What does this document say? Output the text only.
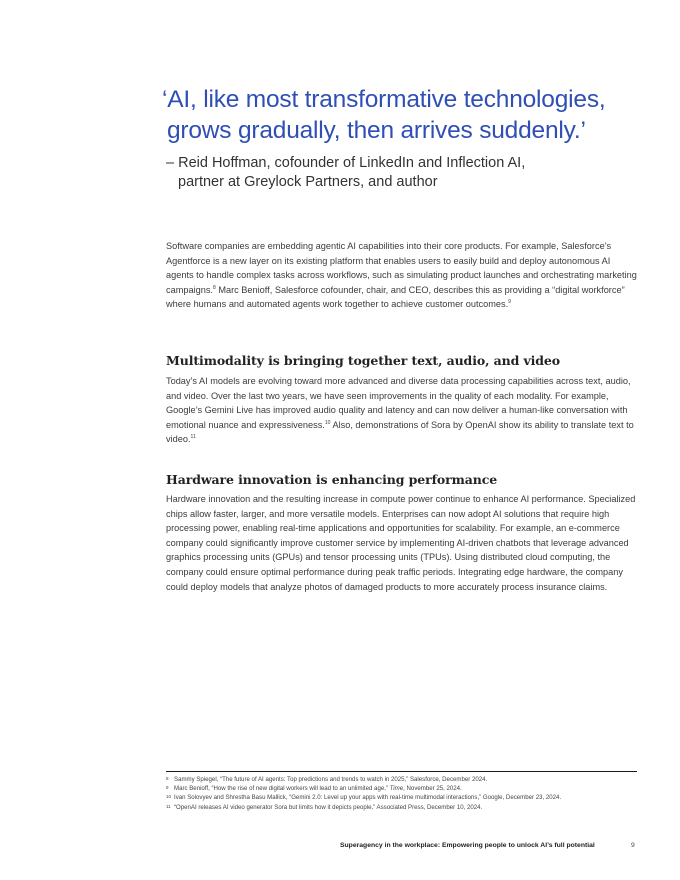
‘AI, like most transformative technologies,
grows gradually, then arrives suddenly.’
– Reid Hoffman, cofounder of LinkedIn and Inflection AI,
partner at Greylock Partners, and author

Software companies are embedding agentic AI capabilities into their core products. For example, Salesforce’s Agentforce is a new layer on its existing platform that enables users to easily build and deploy autonomous AI agents to handle complex tasks across workflows, such as simulating product launches and orchestrating marketing campaigns.$^8$ Marc Benioff, Salesforce cofounder, chair, and CEO, describes this as providing a “digital workforce” where humans and automated agents work together to achieve customer outcomes.$^9$

Multimodality is bringing together text, audio, and video

Today’s AI models are evolving toward more advanced and diverse data processing capabilities across text, audio, and video. Over the last two years, we have seen improvements in the quality of each modality. For example, Google’s Gemini Live has improved audio quality and latency and can now deliver a human-like conversation with emotional nuance and expressiveness.$^{10}$ Also, demonstrations of Sora by OpenAI show its ability to translate text to video.$^{11}$

Hardware innovation is enhancing performance

Hardware innovation and the resulting increase in compute power continue to enhance AI performance. Specialized chips allow faster, larger, and more versatile models. Enterprises can now adopt AI solutions that require high processing power, enabling real-time applications and opportunities for scalability. For example, an e-commerce company could significantly improve customer service by implementing AI-driven chatbots that leverage advanced graphics processing units (GPUs) and tensor processing units (TPUs). Using distributed cloud computing, the company could ensure optimal performance during peak traffic periods. Integrating edge hardware, the company could deploy models that analyze photos of damaged products to more accurately process insurance claims.

8 Sammy Spiegel, “The future of AI agents: Top predictions and trends to watch in 2025,” Salesforce, December 2024.
9 Marc Benioff, “How the rise of new digital workers will lead to an unlimited age,” Time, November 25, 2024.
10 Ivan Solovyev and Shrestha Basu Mallick, “Gemini 2.0: Level up your apps with real-time multimodal interactions,” Google, December 23, 2024.
11 “OpenAI releases AI video generator Sora but limits how it depicts people,” Associated Press, December 10, 2024.
Superagency in the workplace: Empowering people to unlock AI’s full potential	9
